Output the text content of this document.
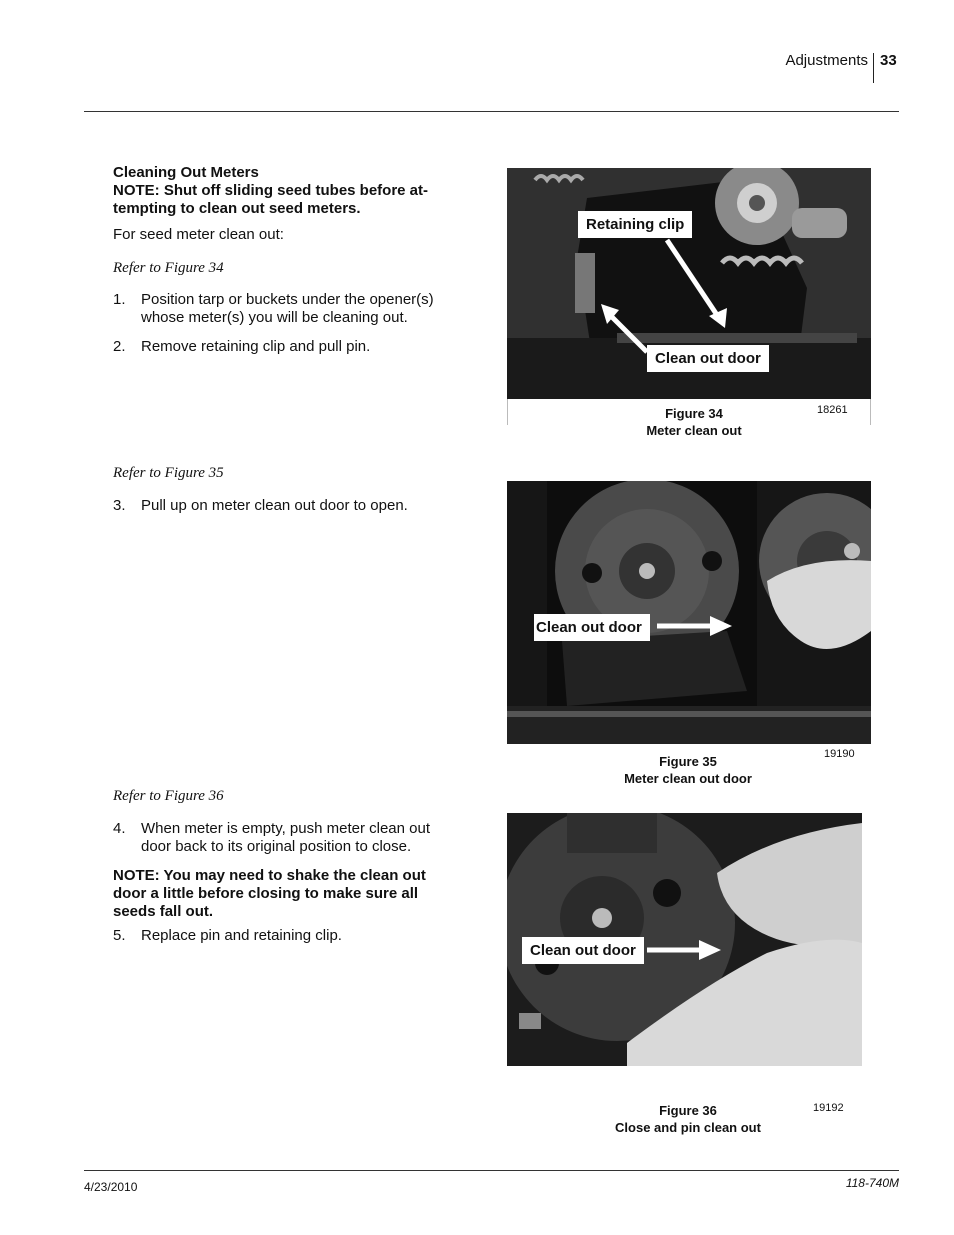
Adjustments 33
Cleaning Out Meters
NOTE: Shut off sliding seed tubes before at-tempting to clean out seed meters.
For seed meter clean out:
Refer to Figure 34
1.	Position tarp or buckets under the opener(s) whose meter(s) you will be cleaning out.
2.	Remove retaining clip and pull pin.
Refer to Figure 35
3.	Pull up on meter clean out door to open.
Refer to Figure 36
4.	When meter is empty, push meter clean out door back to its original position to close.
NOTE: You may need to shake the clean out door a little before closing to make sure all seeds fall out.
5.	Replace pin and retaining clip.
Retaining clip
Clean out door
Figure 34
Meter clean out
18261
Clean out door
Figure 35
Meter clean out door
19190
Clean out door
Figure 36
Close and pin clean out
19192
4/23/2010	118-740M
